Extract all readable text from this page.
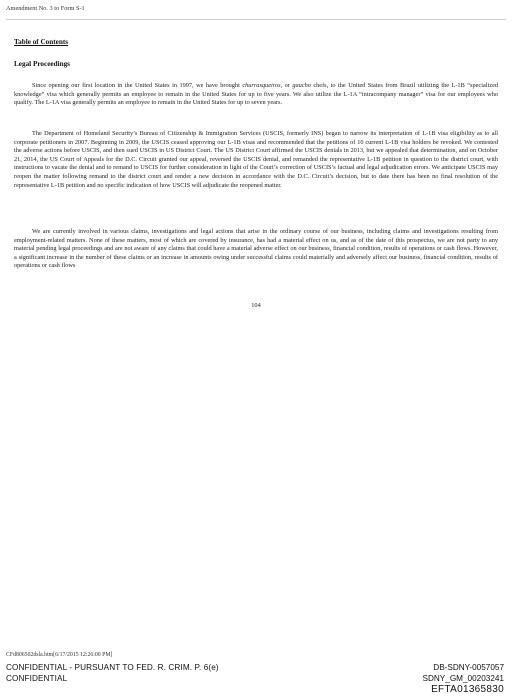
Amendment No. 3 to Form S-1
Table of Contents
Legal Proceedings

Since opening our first location in the United States in 1997, we have brought churrasqueiros, or gaucho chefs, to the United States from Brazil utilizing the L-1B “specialized knowledge” visa which generally permits an employee to remain in the United States for up to five years. We also utilize the L-1A “intracompany manager” visa for our employees who qualify. The L-1A visa generally permits an employee to remain in the United States for up to seven years.

The Department of Homeland Security’s Bureau of Citizenship & Immigration Services (USCIS, formerly INS) began to narrow its interpretation of L-1B visa eligibility as to all corporate petitioners in 2007. Beginning in 2009, the USCIS ceased approving our L-1B visas and recommended that the petitions of 10 current L-1B visa holders be revoked. We contested the adverse actions before USCIS, and then sued USCIS in US District Court. The US District Court affirmed the USCIS denials in 2013, but we appealed that determination, and on October 21, 2014, the US Court of Appeals for the D.C. Circuit granted our appeal, reversed the USCIS denial, and remanded the representative L-1B petition in question to the district court, with instructions to vacate the denial and to remand to USCIS for further consideration in light of the Court’s correction of USCIS’s factual and legal adjudication errors. We anticipate USCIS may reopen the matter following remand to the district court and render a new decision in accordance with the D.C. Circuit’s decision, but to date there has been no final resolution of the representative L-1B petition and no specific indication of how USCIS will adjudicate the reopened matter.

We are currently involved in various claims, investigations and legal actions that arise in the ordinary course of our business, including claims and investigations resulting from employment-related matters. None of these matters, most of which are covered by insurance, has had a material effect on us, and as of the date of this prospectus, we are not party to any material pending legal proceedings and are not aware of any claims that could have a material adverse effect on our business, financial condition, results of operations or cash flows. However, a significant increase in the number of these claims or an increase in amounts owing under successful claims could materially and adversely affect our business, financial condition, results of operations or cash flows

104
CFd80650​2dsla.htm[6/17/2015 12:26:00 PM]
CONFIDENTIAL - PURSUANT TO FED. R. CRIM. P. 6(e)
CONFIDENTIAL
DB-SDNY-0057057
SDNY_GM_00203241
EFTA01365830
